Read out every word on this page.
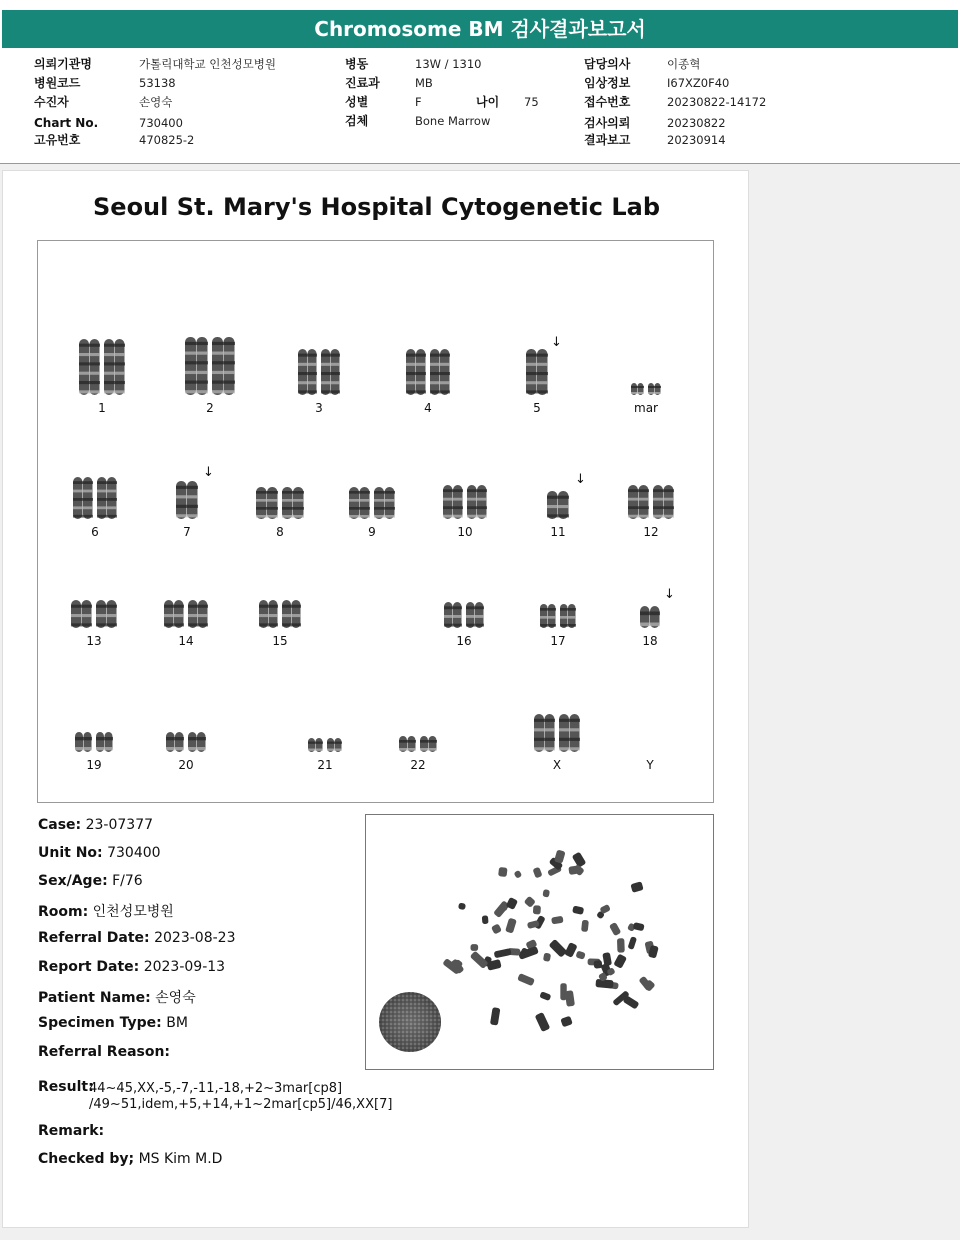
Chromosome BM 검사결과보고서
의뢰기관명	가톨릭대학교 인천성모병원
병원코드	53138
수진자	손영숙
Chart No.	730400
고유번호	470825-2
병동	13W / 1310
진료과	MB
성별	F	나이 75
검체	Bone Marrow
담당의사	이종혁
임상정보	I67XZ0F40
접수번호	20230822-14172
검사의뢰	20230822
결과보고	20230914
Seoul St. Mary's Hospital Cytogenetic Lab
1	2	3	4	5	mar
6	7	8	9	10	11	12
13	14	15	16	17	18
19	20	21	22	X	Y
↓
↓	↓
↓
Case: 23-07377
Unit No: 730400
Sex/Age: F/76
Room: 인천성모병원
Referral Date: 2023-08-23
Report Date: 2023-09-13
Patient Name: 손영숙
Specimen Type: BM
Referral Reason:
Result:
44~45,XX,-5,-7,-11,-18,+2~3mar[cp8]
/49~51,idem,+5,+14,+1~2mar[cp5]/46,XX[7]
Remark:
Checked by; MS Kim M.D
